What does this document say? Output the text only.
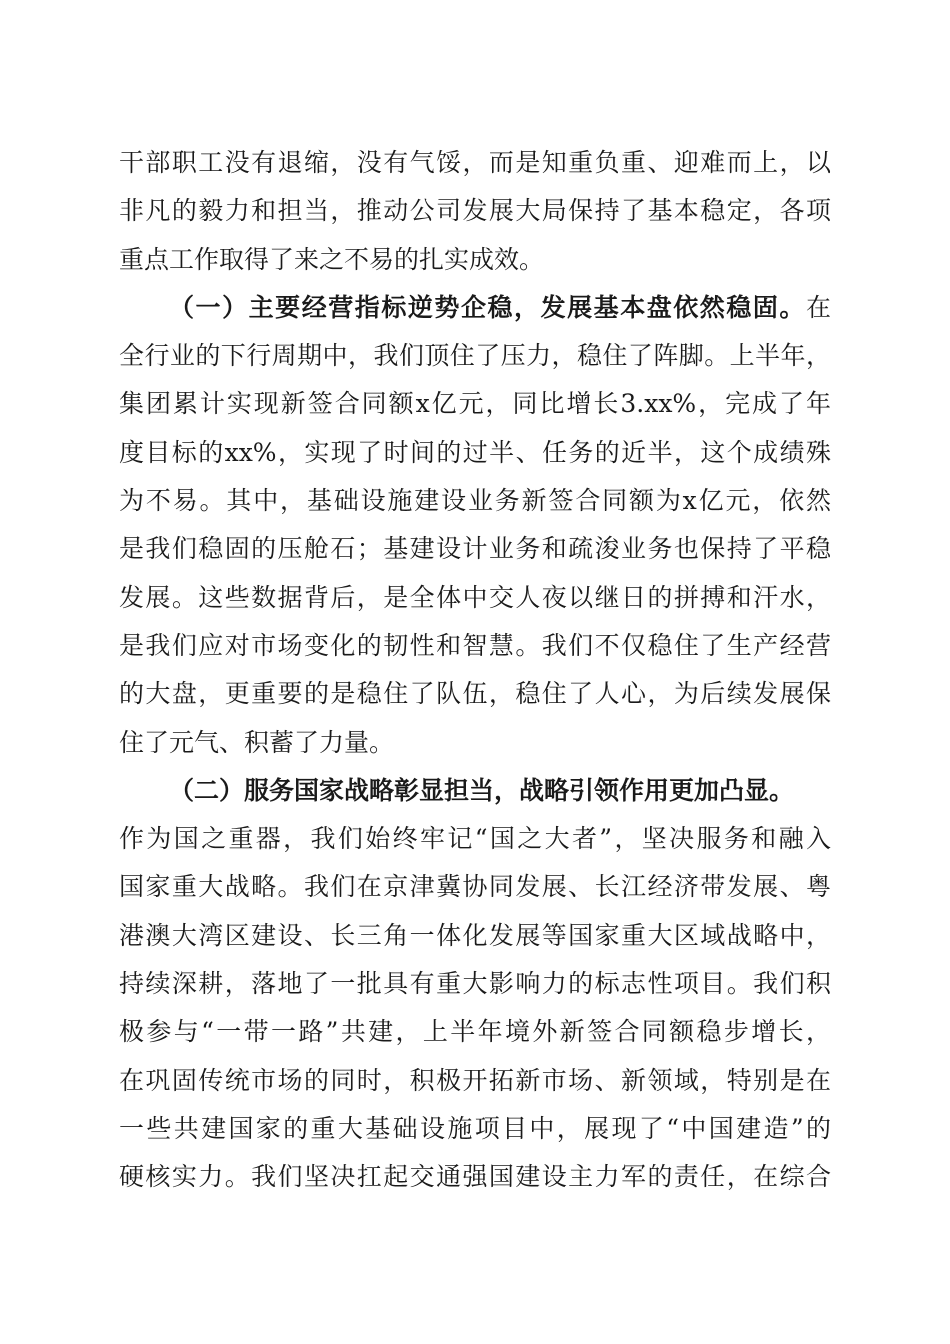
干部职工没有退缩，没有气馁，而是知重负重、迎难而上，以
非凡的毅力和担当，推动公司发展大局保持了基本稳定，各项
重点工作取得了来之不易的扎实成效。
（一）主要经营指标逆势企稳，发展基本盘依然稳固。在
全行业的下行周期中，我们顶住了压力，稳住了阵脚。上半年，
集团累计实现新签合同额x亿元，同比增长3.xx%，完成了年
度目标的xx%，实现了时间的过半、任务的近半，这个成绩殊
为不易。其中，基础设施建设业务新签合同额为x亿元，依然
是我们稳固的压舱石；基建设计业务和疏浚业务也保持了平稳
发展。这些数据背后，是全体中交人夜以继日的拼搏和汗水，
是我们应对市场变化的韧性和智慧。我们不仅稳住了生产经营
的大盘，更重要的是稳住了队伍，稳住了人心，为后续发展保
住了元气、积蓄了力量。
（二）服务国家战略彰显担当，战略引领作用更加凸显。
作为国之重器，我们始终牢记“国之大者”，坚决服务和融入
国家重大战略。我们在京津冀协同发展、长江经济带发展、粤
港澳大湾区建设、长三角一体化发展等国家重大区域战略中，
持续深耕，落地了一批具有重大影响力的标志性项目。我们积
极参与“一带一路”共建，上半年境外新签合同额稳步增长，
在巩固传统市场的同时，积极开拓新市场、新领域，特别是在
一些共建国家的重大基础设施项目中，展现了“中国建造”的
硬核实力。我们坚决扛起交通强国建设主力军的责任，在综合
